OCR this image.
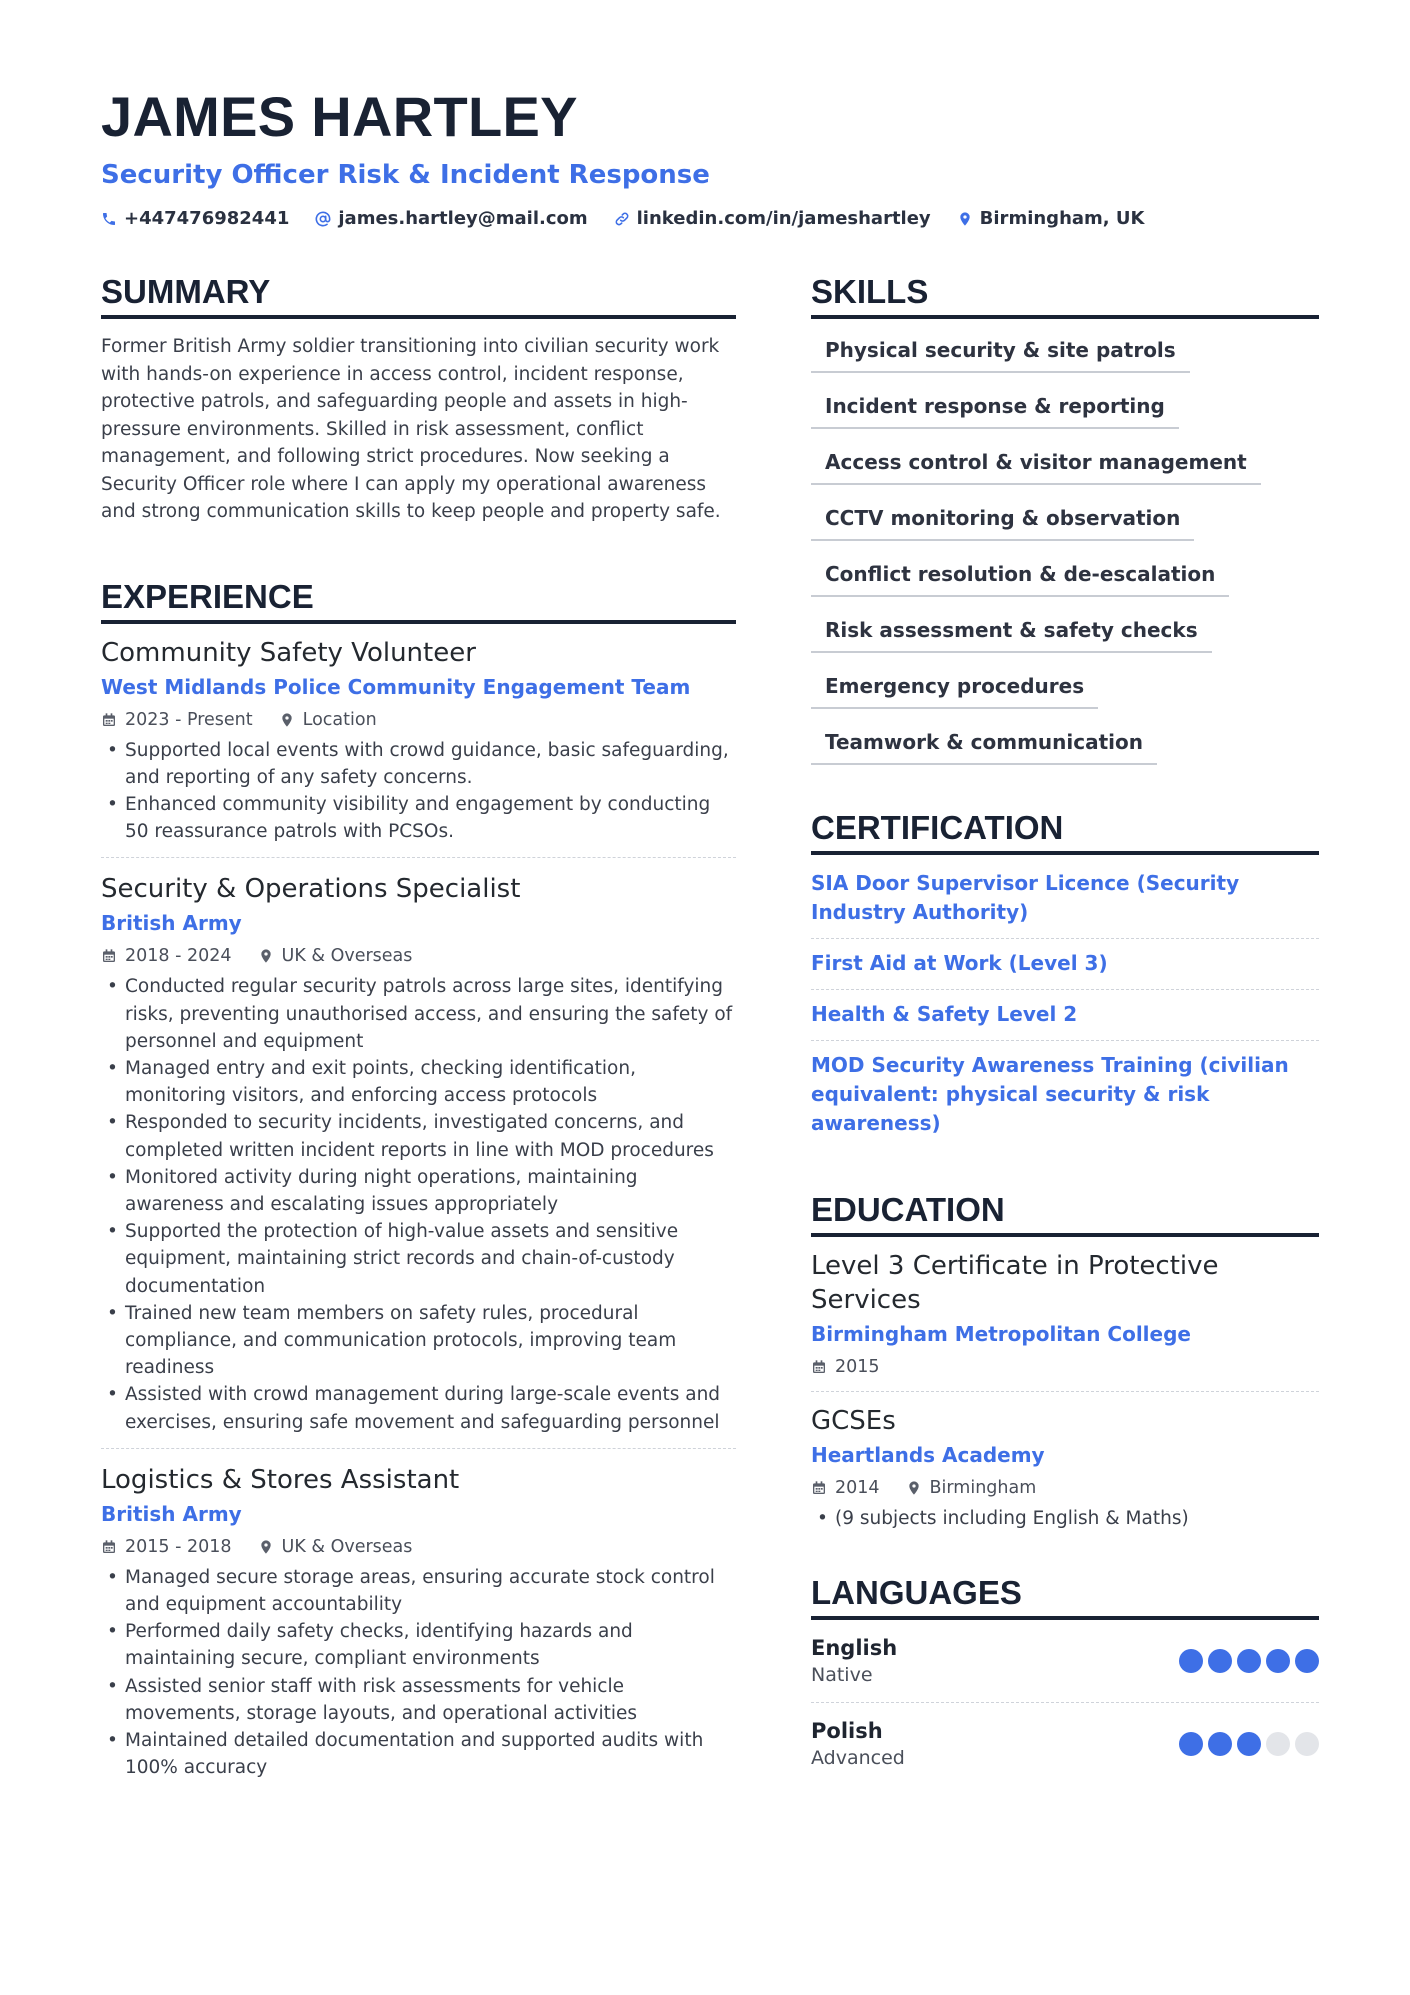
JAMES HARTLEY
Security Officer Risk & Incident Response
+447476982441	james.hartley@mail.com	linkedin.com/in/jameshartley	Birmingham, UK
SUMMARY

Former British Army soldier transitioning into civilian security work with hands-on experience in access control, incident response, protective patrols, and safeguarding people and assets in high-pressure environments. Skilled in risk assessment, conflict management, and following strict procedures. Now seeking a Security Officer role where I can apply my operational awareness and strong communication skills to keep people and property safe.

EXPERIENCE
Community Safety Volunteer
West Midlands Police Community Engagement Team
2023 - Present	Location
• Supported local events with crowd guidance, basic safeguarding, and reporting of any safety concerns.
• Enhanced community visibility and engagement by conducting 50 reassurance patrols with PCSOs.
Security & Operations Specialist
British Army
2018 - 2024	UK & Overseas
• Conducted regular security patrols across large sites, identifying risks, preventing unauthorised access, and ensuring the safety of personnel and equipment
• Managed entry and exit points, checking identification, monitoring visitors, and enforcing access protocols
• Responded to security incidents, investigated concerns, and completed written incident reports in line with MOD procedures
• Monitored activity during night operations, maintaining awareness and escalating issues appropriately
• Supported the protection of high-value assets and sensitive equipment, maintaining strict records and chain-of-custody documentation
• Trained new team members on safety rules, procedural compliance, and communication protocols, improving team readiness
• Assisted with crowd management during large-scale events and exercises, ensuring safe movement and safeguarding personnel
Logistics & Stores Assistant
British Army
2015 - 2018	UK & Overseas
• Managed secure storage areas, ensuring accurate stock control and equipment accountability
• Performed daily safety checks, identifying hazards and maintaining secure, compliant environments
• Assisted senior staff with risk assessments for vehicle movements, storage layouts, and operational activities
• Maintained detailed documentation and supported audits with 100% accuracy
SKILLS
Physical security & site patrols
Incident response & reporting
Access control & visitor management
CCTV monitoring & observation
Conflict resolution & de-escalation
Risk assessment & safety checks
Emergency procedures
Teamwork & communication
CERTIFICATION
SIA Door Supervisor Licence (Security Industry Authority)
First Aid at Work (Level 3)
Health & Safety Level 2
MOD Security Awareness Training (civilian equivalent: physical security & risk awareness)
EDUCATION
Level 3 Certificate in Protective Services
Birmingham Metropolitan College
2015
GCSEs
Heartlands Academy
2014	Birmingham
• (9 subjects including English & Maths)
LANGUAGES
English
Native
Polish
Advanced
